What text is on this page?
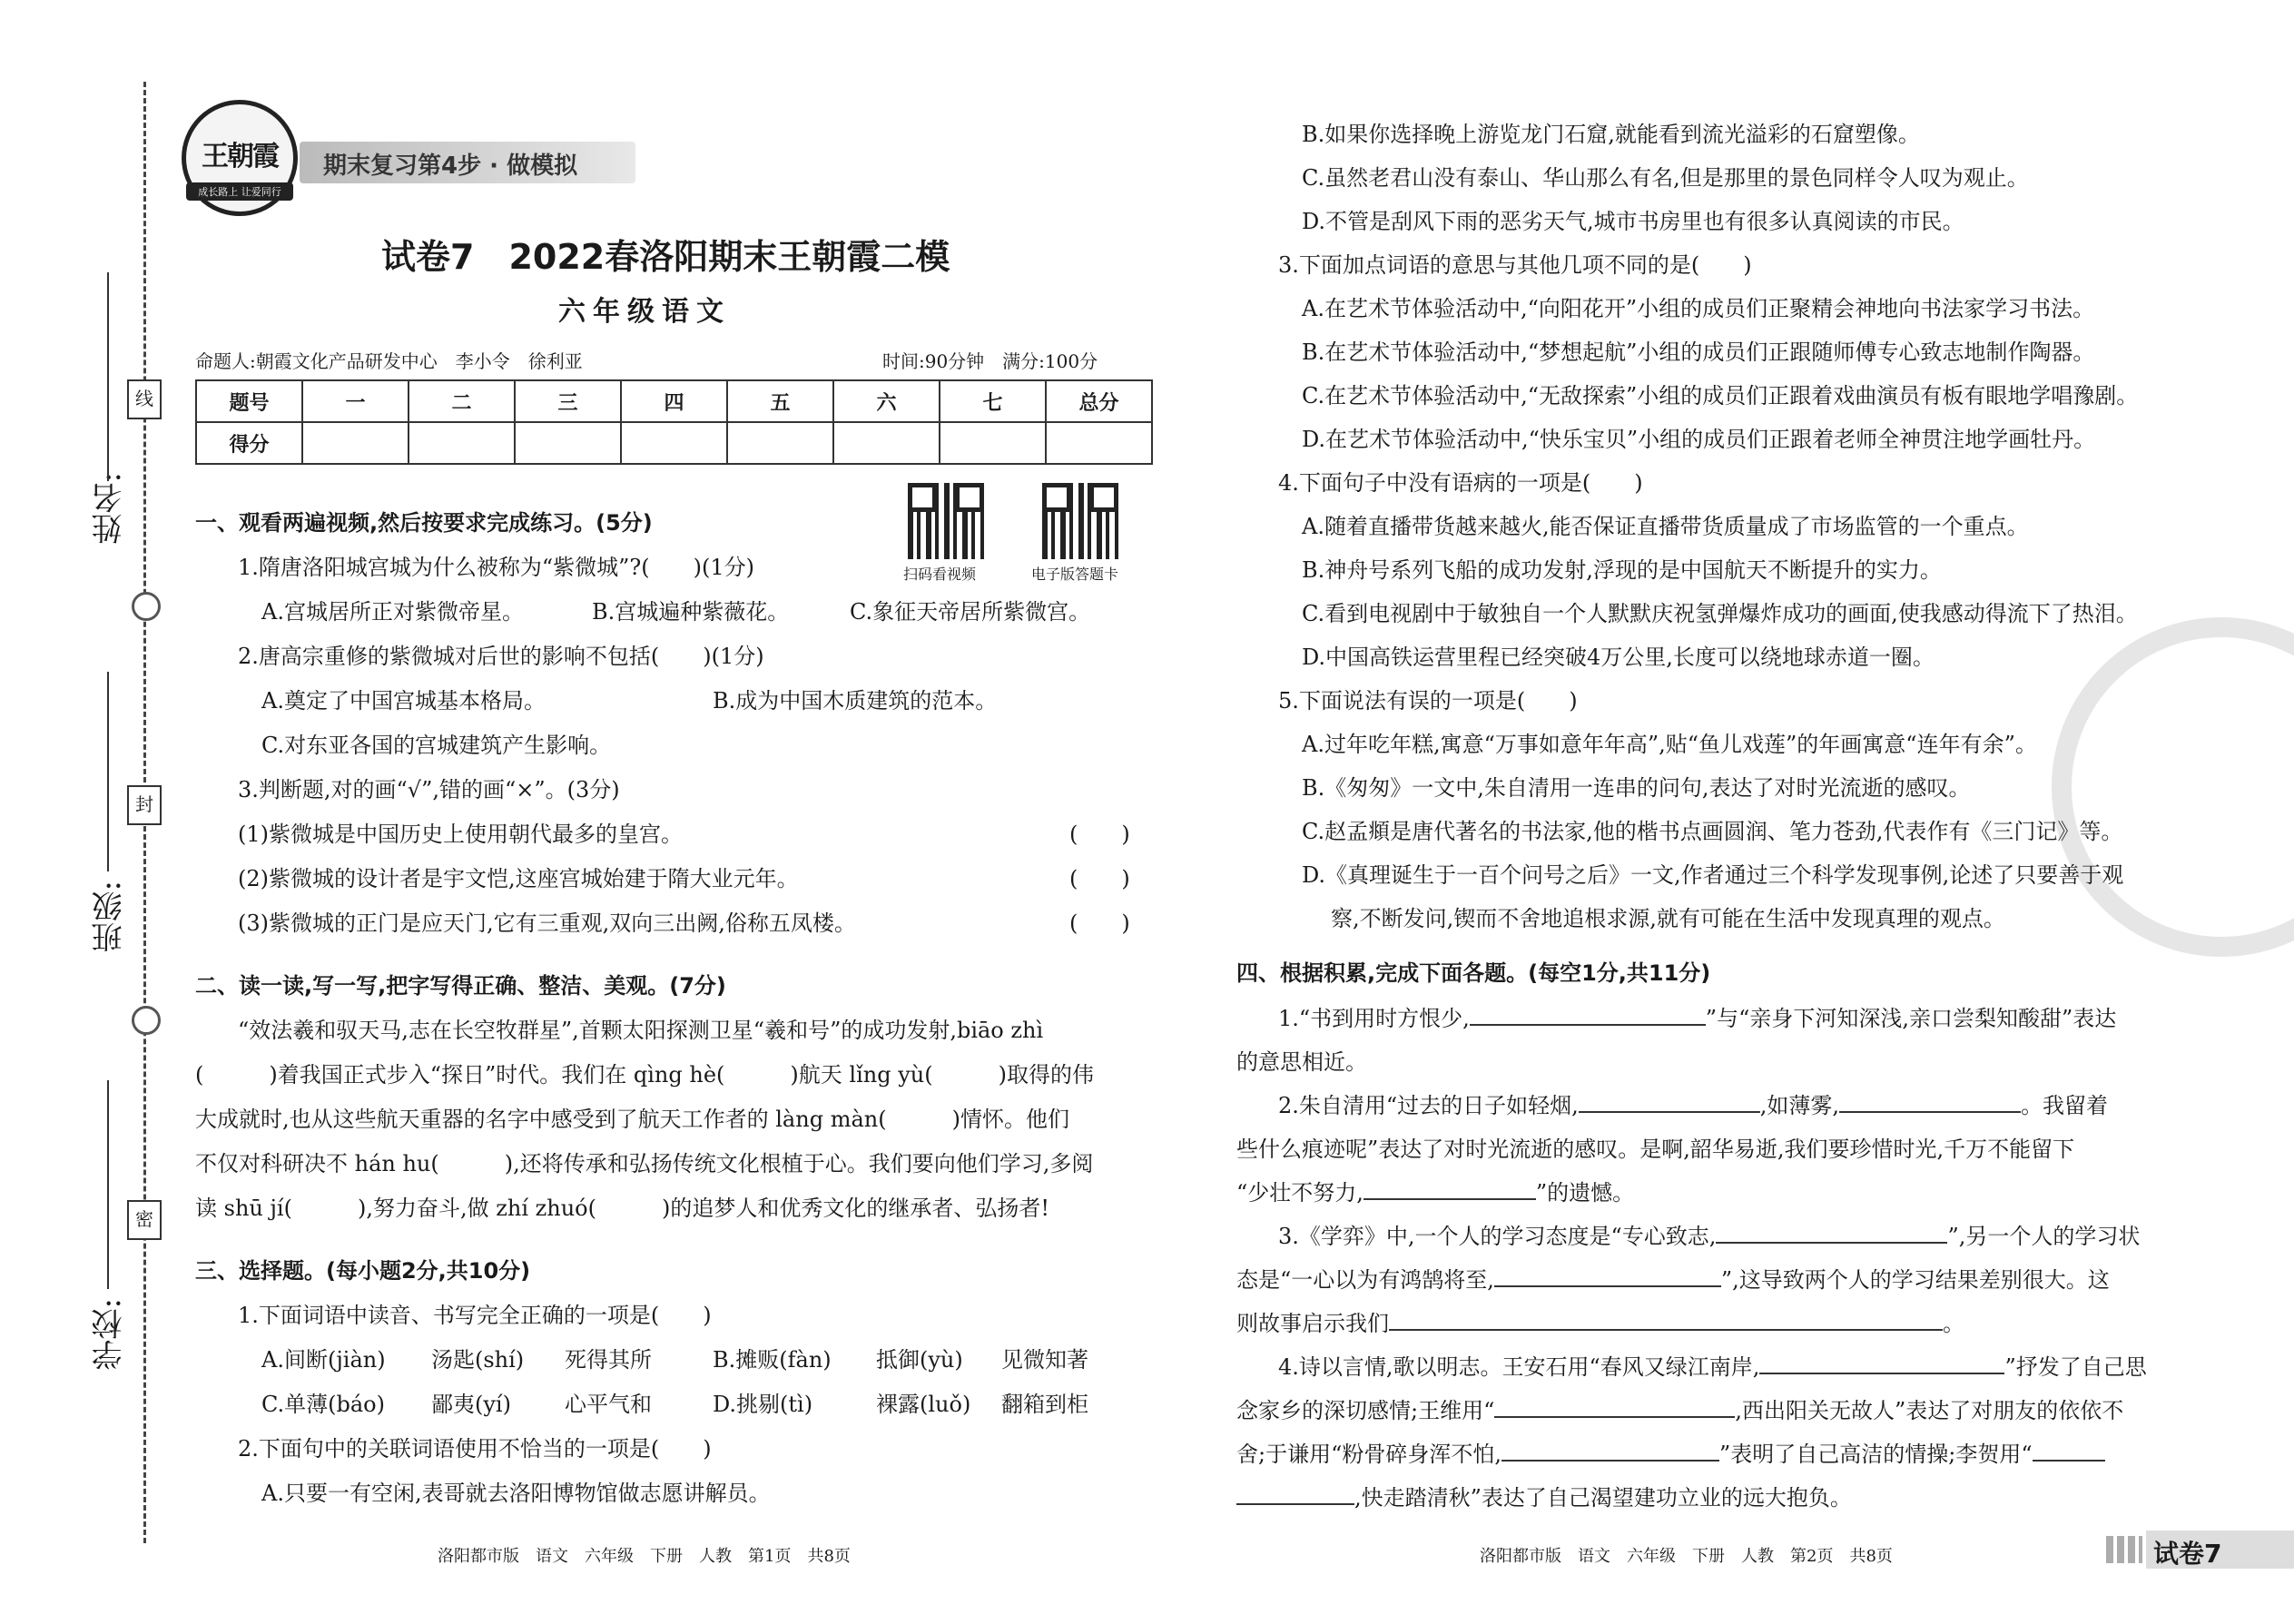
线
封
密
姓名:
班级:
学校:
王朝霞
成长路上 让爱同行
期末复习第4步 · 做模拟
试卷7　2022春洛阳期末王朝霞二模
六年级语文
命题人:朝霞文化产品研发中心　李小令　徐利亚	时间:90分钟　满分:100分
题号	一	二	三	四	五	六	七	总分
得分								
扫码看视频	电子版答题卡
一、观看两遍视频,然后按要求完成练习。(5分)
1.隋唐洛阳城宫城为什么被称为“紫微城”?(　　)(1分)
A.宫城居所正对紫微帝星。	B.宫城遍种紫薇花。	C.象征天帝居所紫微宫。
2.唐高宗重修的紫微城对后世的影响不包括(　　)(1分)
A.奠定了中国宫城基本格局。	B.成为中国木质建筑的范本。
C.对东亚各国的宫城建筑产生影响。
3.判断题,对的画“√”,错的画“×”。(3分)
(1)紫微城是中国历史上使用朝代最多的皇宫。	(　　)
(2)紫微城的设计者是宇文恺,这座宫城始建于隋大业元年。	(　　)
(3)紫微城的正门是应天门,它有三重观,双向三出阙,俗称五凤楼。	(　　)
二、读一读,写一写,把字写得正确、整洁、美观。(7分)
“效法羲和驭天马,志在长空牧群星”,首颗太阳探测卫星“羲和号”的成功发射,biāo zhì
(　　　)着我国正式步入“探日”时代。我们在 qìng hè(　　　)航天 lǐng yù(　　　)取得的伟
大成就时,也从这些航天重器的名字中感受到了航天工作者的 làng màn(　　　)情怀。他们
不仅对科研决不 hán hu(　　　),还将传承和弘扬传统文化根植于心。我们要向他们学习,多阅
读 shū jí(　　　),努力奋斗,做 zhí zhuó(　　　)的追梦人和优秀文化的继承者、弘扬者!
三、选择题。(每小题2分,共10分)
1.下面词语中读音、书写完全正确的一项是(　　)
A.间断(jiàn) 汤匙(shí) 死得其所	B.摊贩(fàn) 抵御(yù) 见微知著
C.单薄(báo) 鄙夷(yí) 心平气和	D.挑剔(tì)	裸露(luǒ) 翻箱到柜
2.下面句中的关联词语使用不恰当的一项是(　　)
A.只要一有空闲,表哥就去洛阳博物馆做志愿讲解员。
洛阳都市版　语文　六年级　下册　人教　第1页　共8页
B.如果你选择晚上游览龙门石窟,就能看到流光溢彩的石窟塑像。
C.虽然老君山没有泰山、华山那么有名,但是那里的景色同样令人叹为观止。
D.不管是刮风下雨的恶劣天气,城市书房里也有很多认真阅读的市民。
3.下面加点词语的意思与其他几项不同的是(　　)
A.在艺术节体验活动中,“向阳花开”小组的成员们正聚精会神地向书法家学习书法。
B.在艺术节体验活动中,“梦想起航”小组的成员们正跟随师傅专心致志地制作陶器。
C.在艺术节体验活动中,“无敌探索”小组的成员们正跟着戏曲演员有板有眼地学唱豫剧。
D.在艺术节体验活动中,“快乐宝贝”小组的成员们正跟着老师全神贯注地学画牡丹。
4.下面句子中没有语病的一项是(　　)
A.随着直播带货越来越火,能否保证直播带货质量成了市场监管的一个重点。
B.神舟号系列飞船的成功发射,浮现的是中国航天不断提升的实力。
C.看到电视剧中于敏独自一个人默默庆祝氢弹爆炸成功的画面,使我感动得流下了热泪。
D.中国高铁运营里程已经突破4万公里,长度可以绕地球赤道一圈。
5.下面说法有误的一项是(　　)
A.过年吃年糕,寓意“万事如意年年高”,贴“鱼儿戏莲”的年画寓意“连年有余”。
B.《匆匆》一文中,朱自清用一连串的问句,表达了对时光流逝的感叹。
C.赵孟頫是唐代著名的书法家,他的楷书点画圆润、笔力苍劲,代表作有《三门记》等。
D.《真理诞生于一百个问号之后》一文,作者通过三个科学发现事例,论述了只要善于观
察,不断发问,锲而不舍地追根求源,就有可能在生活中发现真理的观点。
四、根据积累,完成下面各题。(每空1分,共11分)
1.“书到用时方恨少,	”与“亲身下河知深浅,亲口尝梨知酸甜”表达
的意思相近。
2.朱自清用“过去的日子如轻烟,	,如薄雾,	。我留着
些什么痕迹呢”表达了对时光流逝的感叹。是啊,韶华易逝,我们要珍惜时光,千万不能留下
“少壮不努力,	”的遗憾。
3.《学弈》中,一个人的学习态度是“专心致志,	”,另一个人的学习状
态是“一心以为有鸿鹄将至,	”,这导致两个人的学习结果差别很大。这
则故事启示我们	。
4.诗以言情,歌以明志。王安石用“春风又绿江南岸,	”抒发了自己思
念家乡的深切感情;王维用“	,西出阳关无故人”表达了对朋友的依依不
舍;于谦用“粉骨碎身浑不怕,	”表明了自己高洁的情操;李贺用“
,快走踏清秋”表达了自己渴望建功立业的远大抱负。
洛阳都市版　语文　六年级　下册　人教　第2页　共8页	试卷7
